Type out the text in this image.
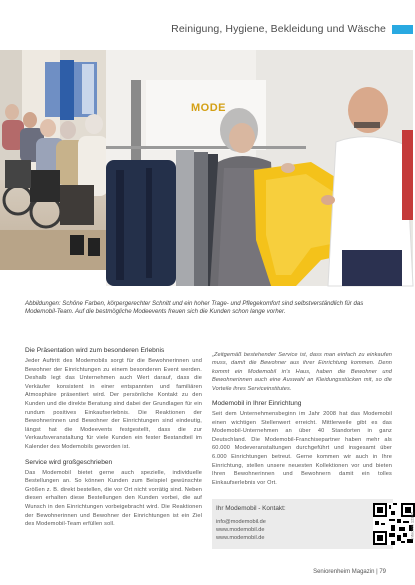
Reinigung, Hygiene, Bekleidung und Wäsche
MODE
Abbildungen: Schöne Farben, körpergerechter Schnitt und ein hoher Trage- und Pflegekomfort sind selbstverständlich für das Modemobil-Team. Auf die bestmögliche Modeevents freuen sich die Kunden schon lange vorher.
Die Präsentation wird zum besonderen Erlebnis

Jeder Auftritt des Modemobils sorgt für die Bewohnerinnen und Bewohner der Einrichtungen zu einem besonderen Event werden. Deshalb legt das Unternehmen auch Wert darauf, dass die Verkäufer konsistent in einer entspannten und familiären Atmosphäre präsentiert wird. Der persönliche Kontakt zu den Kunden und die direkte Beratung sind dabei der Grundlagen für ein rundum positives Einkaufserlebnis. Die Reaktionen der Bewohnerinnen und Bewohner der Einrichtungen sind eindeutig, längst hat die Modeevents festgestellt, dass die zur Verkaufsveranstaltung für viele Kunden ein fester Bestandteil im Kalender des Modemobils geworden ist.

Service wird großgeschrieben

Das Modemobil bietet gerne auch spezielle, individuelle Bestellungen an. So können Kunden zum Beispiel gewünschte Größen z. B. direkt bestellen, die vor Ort nicht vorrätig sind. Neben diesen erhalten diese Bestellungen den Kunden vorbei, die auf Wunsch in den Einrichtungen vorbeigebracht wird. Die Reaktionen der Bewohnerinnen und Bewohner der Einrichtungen ist ein Ziel des Modemobil-Team erfüllen soll.

„Zeitgemäß bestehender Service ist, dass man einfach zu einkaufen muss, damit die Bewohner aus ihrer Einrichtung kommen. Denn kommt ein Modemobil in's Haus, haben die Bewohner und Bewohnerinnen auch eine Auswahl an Kleidungsstücken mit, so die Vorteile ihres Serviceinstitutes.

Modemobil in Ihrer Einrichtung

Seit dem Unternehmensbeginn im Jahr 2008 hat das Modemobil einen wichtigen Stellenwert erreicht. Mittlerweile gibt es das Modemobil-Unternehmen an über 40 Standorten in ganz Deutschland. Die Modemobil-Franchisepartner haben mehr als 60.000 Modeveranstaltungen durchgeführt und insgesamt über 6.000 Einrichtungen betreut. Gerne kommen wir auch in Ihre Einrichtung, stellen unsere neuesten Kollektionen vor und bieten Ihren Bewohnerinnen und Bewohnern damit ein tolles Einkaufserlebnis vor Ort.

Ihr Modemobil - Kontakt:
info@modemobil.de
www.modemobil.de
www.modemobil.de	Infocode 12345
Seniorenheim Magazin | 79
